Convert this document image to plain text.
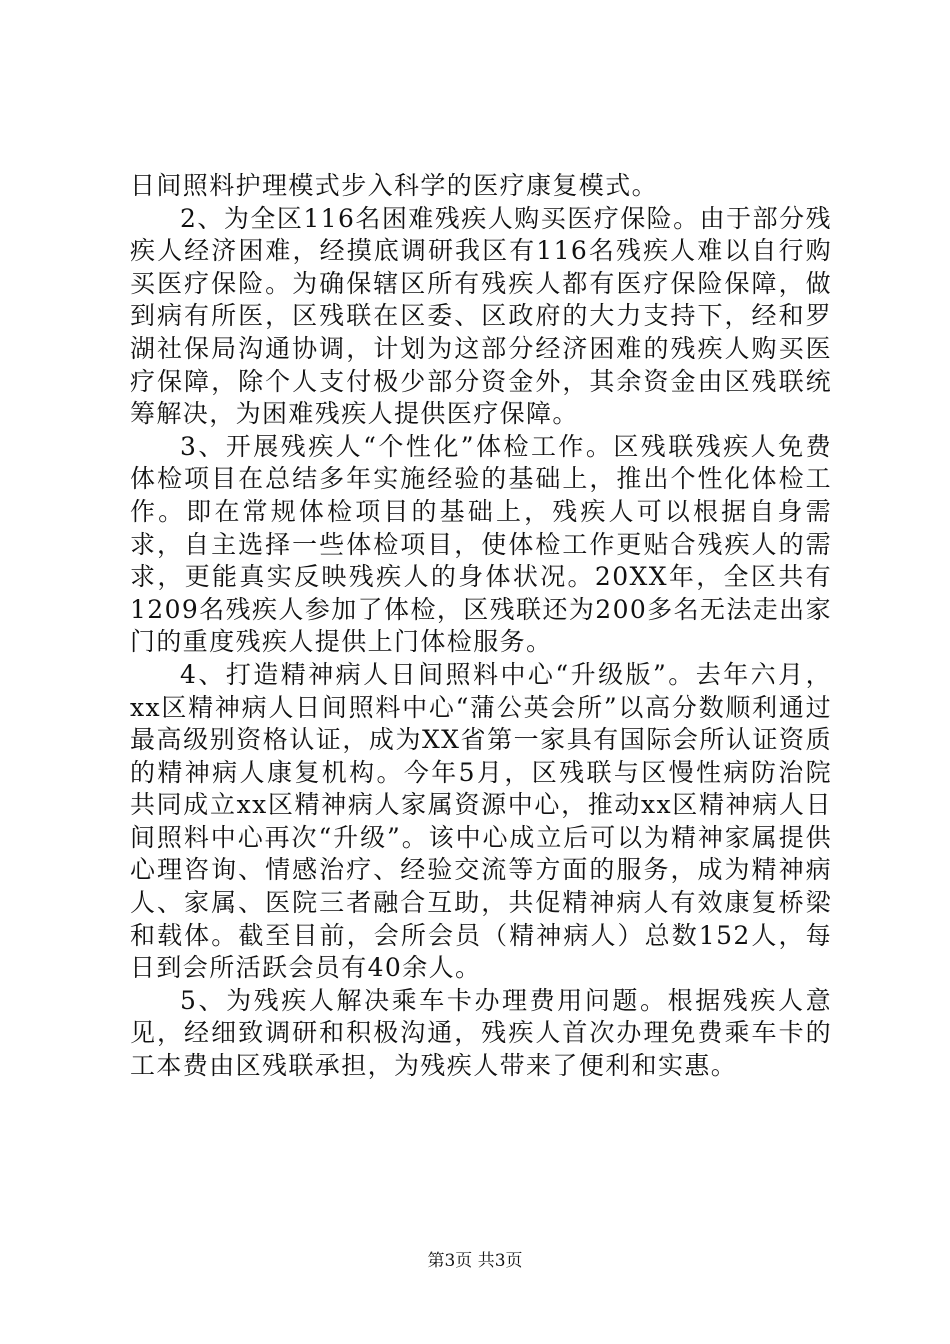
日间照料护理模式步入科学的医疗康复模式。

2、为全区116名困难残疾人购买医疗保险。由于部分残疾人经济困难，经摸底调研我区有116名残疾人难以自行购买医疗保险。为确保辖区所有残疾人都有医疗保险保障，做到病有所医，区残联在区委、区政府的大力支持下，经和罗湖社保局沟通协调，计划为这部分经济困难的残疾人购买医疗保障，除个人支付极少部分资金外，其余资金由区残联统筹解决，为困难残疾人提供医疗保障。

3、开展残疾人“个性化”体检工作。区残联残疾人免费体检项目在总结多年实施经验的基础上，推出个性化体检工作。即在常规体检项目的基础上，残疾人可以根据自身需求，自主选择一些体检项目，使体检工作更贴合残疾人的需求，更能真实反映残疾人的身体状况。20XX年，全区共有1209名残疾人参加了体检，区残联还为200多名无法走出家门的重度残疾人提供上门体检服务。

4、打造精神病人日间照料中心“升级版”。去年六月，xx区精神病人日间照料中心“蒲公英会所”以高分数顺利通过最高级别资格认证，成为XX省第一家具有国际会所认证资质的精神病人康复机构。今年5月，区残联与区慢性病防治院共同成立xx区精神病人家属资源中心，推动xx区精神病人日间照料中心再次“升级”。该中心成立后可以为精神家属提供心理咨询、情感治疗、经验交流等方面的服务，成为精神病人、家属、医院三者融合互助，共促精神病人有效康复桥梁和载体。截至目前，会所会员（精神病人）总数152人，每日到会所活跃会员有40余人。

5、为残疾人解决乘车卡办理费用问题。根据残疾人意见，经细致调研和积极沟通，残疾人首次办理免费乘车卡的工本费由区残联承担，为残疾人带来了便利和实惠。

第3页 共3页
